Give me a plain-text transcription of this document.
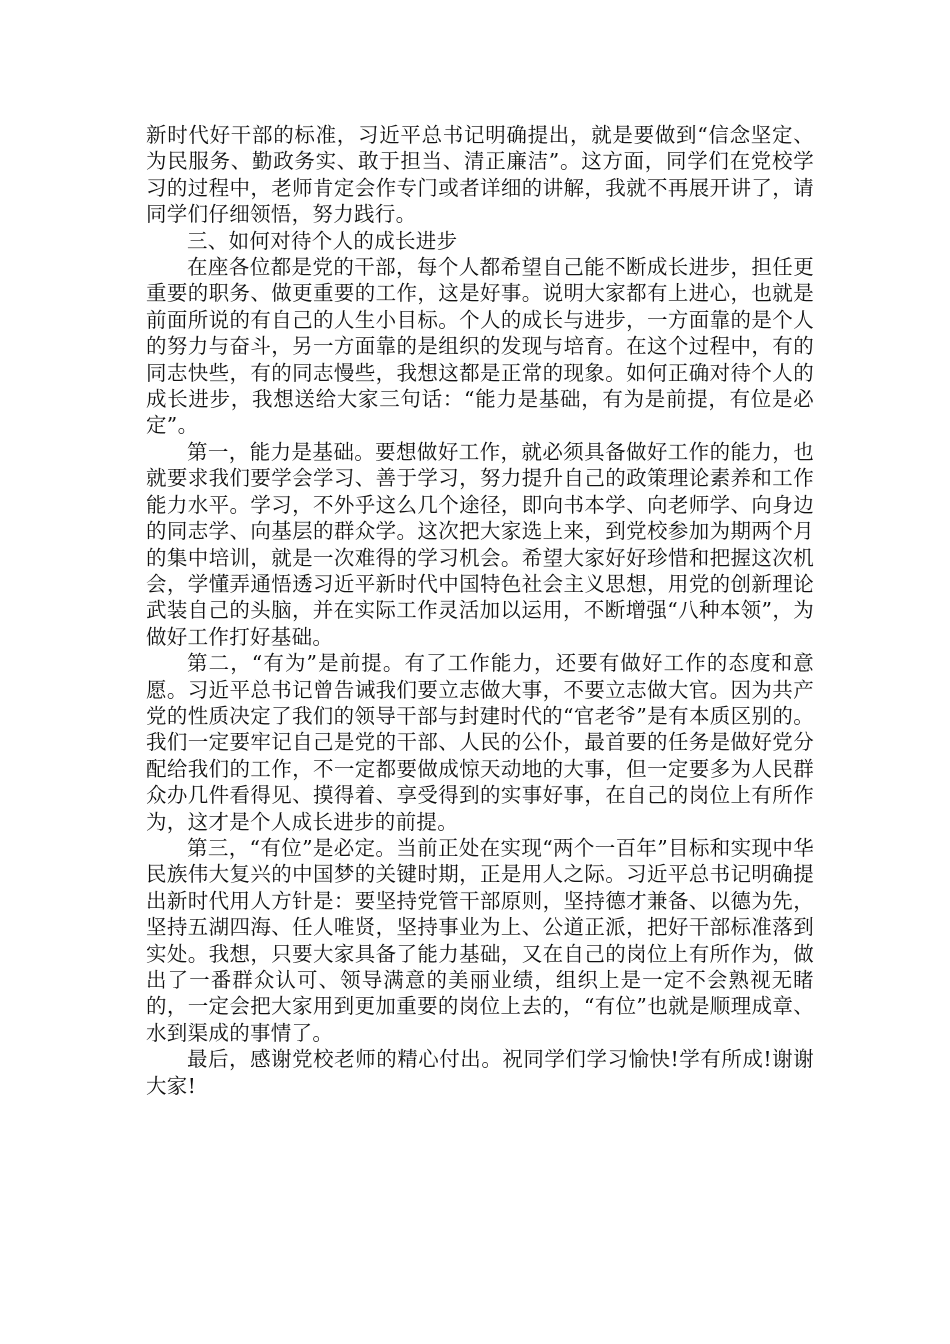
新时代好干部的标准，习近平总书记明确提出，就是要做到“信念坚定、为民服务、勤政务实、敢于担当、清正廉洁”。这方面，同学们在党校学习的过程中，老师肯定会作专门或者详细的讲解，我就不再展开讲了，请同学们仔细领悟，努力践行。

三、如何对待个人的成长进步

在座各位都是党的干部，每个人都希望自己能不断成长进步，担任更重要的职务、做更重要的工作，这是好事。说明大家都有上进心，也就是前面所说的有自己的人生小目标。个人的成长与进步，一方面靠的是个人的努力与奋斗，另一方面靠的是组织的发现与培育。在这个过程中，有的同志快些，有的同志慢些，我想这都是正常的现象。如何正确对待个人的成长进步，我想送给大家三句话：“能力是基础，有为是前提，有位是必定”。

第一，能力是基础。要想做好工作，就必须具备做好工作的能力，也就要求我们要学会学习、善于学习，努力提升自己的政策理论素养和工作能力水平。学习，不外乎这么几个途径，即向书本学、向老师学、向身边的同志学、向基层的群众学。这次把大家选上来，到党校参加为期两个月的集中培训，就是一次难得的学习机会。希望大家好好珍惜和把握这次机会，学懂弄通悟透习近平新时代中国特色社会主义思想，用党的创新理论武装自己的头脑，并在实际工作灵活加以运用，不断增强“八种本领”，为做好工作打好基础。

第二，“有为”是前提。有了工作能力，还要有做好工作的态度和意愿。习近平总书记曾告诫我们要立志做大事，不要立志做大官。因为共产党的性质决定了我们的领导干部与封建时代的“官老爷”是有本质区别的。我们一定要牢记自己是党的干部、人民的公仆，最首要的任务是做好党分配给我们的工作，不一定都要做成惊天动地的大事，但一定要多为人民群众办几件看得见、摸得着、享受得到的实事好事，在自己的岗位上有所作为，这才是个人成长进步的前提。

第三，“有位”是必定。当前正处在实现“两个一百年”目标和实现中华民族伟大复兴的中国梦的关键时期，正是用人之际。习近平总书记明确提出新时代用人方针是：要坚持党管干部原则，坚持德才兼备、以德为先，坚持五湖四海、任人唯贤，坚持事业为上、公道正派，把好干部标准落到实处。我想，只要大家具备了能力基础，又在自己的岗位上有所作为，做出了一番群众认可、领导满意的美丽业绩，组织上是一定不会熟视无睹的，一定会把大家用到更加重要的岗位上去的，“有位”也就是顺理成章、水到渠成的事情了。

最后，感谢党校老师的精心付出。祝同学们学习愉快!学有所成!谢谢大家!
